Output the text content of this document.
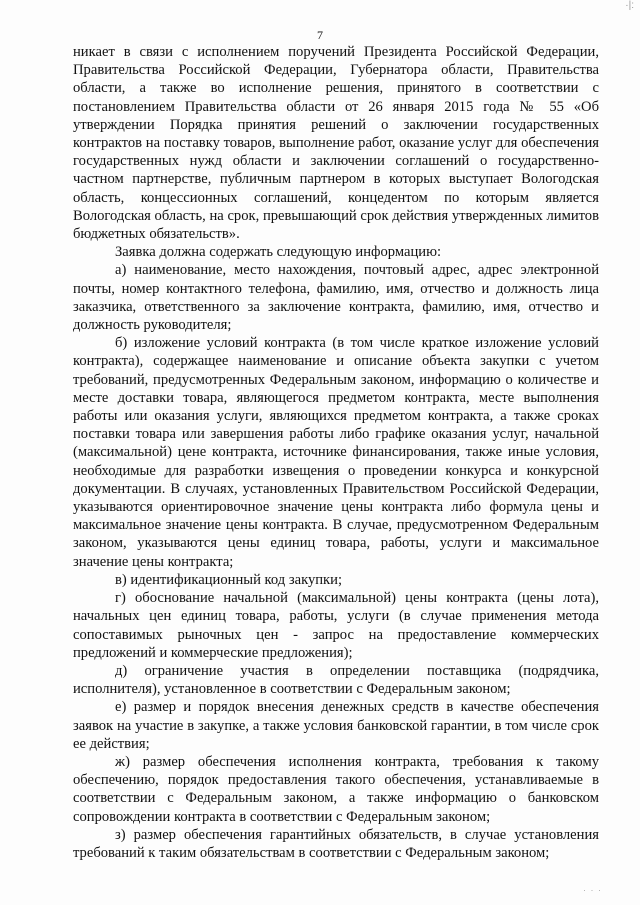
·|:
7

никает в связи с исполнением поручений Президента Российской Федерации, Правительства Российской Федерации, Губернатора области, Правительства области, а также во исполнение решения, принятого в соответствии с постановлением Правительства области от 26 января 2015 года № 55 «Об утверждении Порядка принятия решений о заключении государственных контрактов на поставку товаров, выполнение работ, оказание услуг для обеспечения государственных нужд области и заключении соглашений о государственно-частном партнерстве, публичным партнером в которых выступает Вологодская область, концессионных соглашений, концедентом по которым является Вологодская область, на срок, превышающий срок действия утвержденных лимитов бюджетных обязательств».

Заявка должна содержать следующую информацию:

а) наименование, место нахождения, почтовый адрес, адрес электронной почты, номер контактного телефона, фамилию, имя, отчество и должность лица заказчика, ответственного за заключение контракта, фамилию, имя, отчество и должность руководителя;

б) изложение условий контракта (в том числе краткое изложение условий контракта), содержащее наименование и описание объекта закупки с учетом требований, предусмотренных Федеральным законом, информацию о количестве и месте доставки товара, являющегося предметом контракта, месте выполнения работы или оказания услуги, являющихся предметом контракта, а также сроках поставки товара или завершения работы либо графике оказания услуг, начальной (максимальной) цене контракта, источнике финансирования, также иные условия, необходимые для разработки извещения о проведении конкурса и конкурсной документации. В случаях, установленных Правительством Российской Федерации, указываются ориентировочное значение цены контракта либо формула цены и максимальное значение цены контракта. В случае, предусмотренном Федеральным законом, указываются цены единиц товара, работы, услуги и максимальное значение цены контракта;

в) идентификационный код закупки;

г) обоснование начальной (максимальной) цены контракта (цены лота), начальных цен единиц товара, работы, услуги (в случае применения метода сопоставимых рыночных цен - запрос на предоставление коммерческих предложений и коммерческие предложения);

д) ограничение участия в определении поставщика (подрядчика, исполнителя), установленное в соответствии с Федеральным законом;

е) размер и порядок внесения денежных средств в качестве обеспечения заявок на участие в закупке, а также условия банковской гарантии, в том числе срок ее действия;

ж) размер обеспечения исполнения контракта, требования к такому обеспечению, порядок предоставления такого обеспечения, устанавливаемые в соответствии с Федеральным законом, а также информацию о банковском сопровождении контракта в соответствии с Федеральным законом;

з) размер обеспечения гарантийных обязательств, в случае установления требований к таким обязательствам в соответствии с Федеральным законом;

· · ·
